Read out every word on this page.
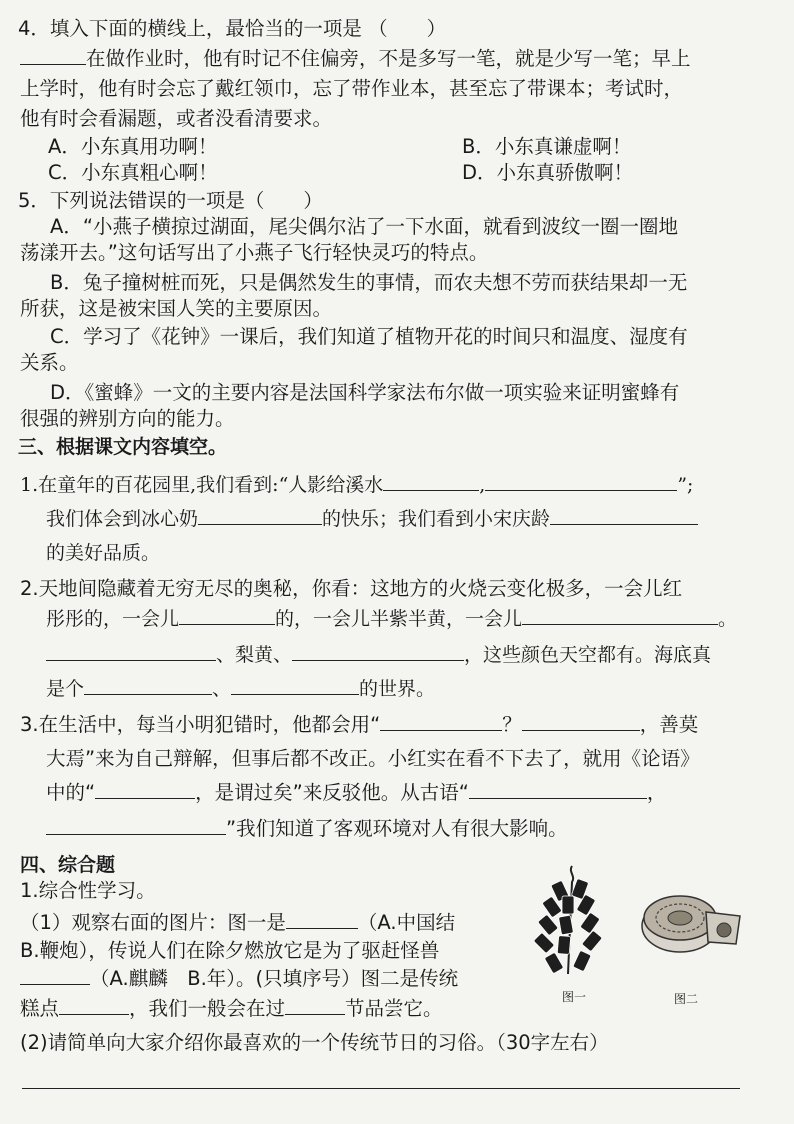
4．填入下面的横线上，最恰当的一项是 （　　）
在做作业时，他有时记不住偏旁，不是多写一笔，就是少写一笔；早上
上学时，他有时会忘了戴红领巾，忘了带作业本，甚至忘了带课本；考试时，
他有时会看漏题，或者没看清要求。
A．小东真用功啊！	B．小东真谦虚啊！
C．小东真粗心啊！	D．小东真骄傲啊！
5．下列说法错误的一项是（　　）
A．“小燕子横掠过湖面，尾尖偶尔沾了一下水面，就看到波纹一圈一圈地
荡漾开去。”这句话写出了小燕子飞行轻快灵巧的特点。
B．兔子撞树桩而死，只是偶然发生的事情，而农夫想不劳而获结果却一无
所获，这是被宋国人笑的主要原因。
C．学习了《花钟》一课后，我们知道了植物开花的时间只和温度、湿度有
关系。
D．《蜜蜂》一文的主要内容是法国科学家法布尔做一项实验来证明蜜蜂有
很强的辨别方向的能力。
三、根据课文内容填空。
1.在童年的百花园里,我们看到:“人影给溪水	,	”;
我们体会到冰心奶	的快乐；我们看到小宋庆龄
的美好品质。
2.天地间隐藏着无穷无尽的奥秘，你看：这地方的火烧云变化极多，一会儿红
彤彤的，一会儿	的，一会儿半紫半黄，一会儿	。
、梨黄、	，这些颜色天空都有。海底真
是个	、	的世界。
3.在生活中，每当小明犯错时，他都会用“	？	，善莫
大焉”来为自己辩解，但事后都不改正。小红实在看不下去了，就用《论语》
中的“	，是谓过矣”来反驳他。从古语“	，
”我们知道了客观环境对人有很大影响。
四、综合题
1.综合性学习。
（1）观察右面的图片：图一是	（A.中国结
B.鞭炮），传说人们在除夕燃放它是为了驱赶怪兽
（A.麒麟　B.年）。(只填序号）图二是传统
糕点	，我们一般会在过	节品尝它。
(2)请简单向大家介绍你最喜欢的一个传统节日的习俗。（30字左右）
图一	图二
